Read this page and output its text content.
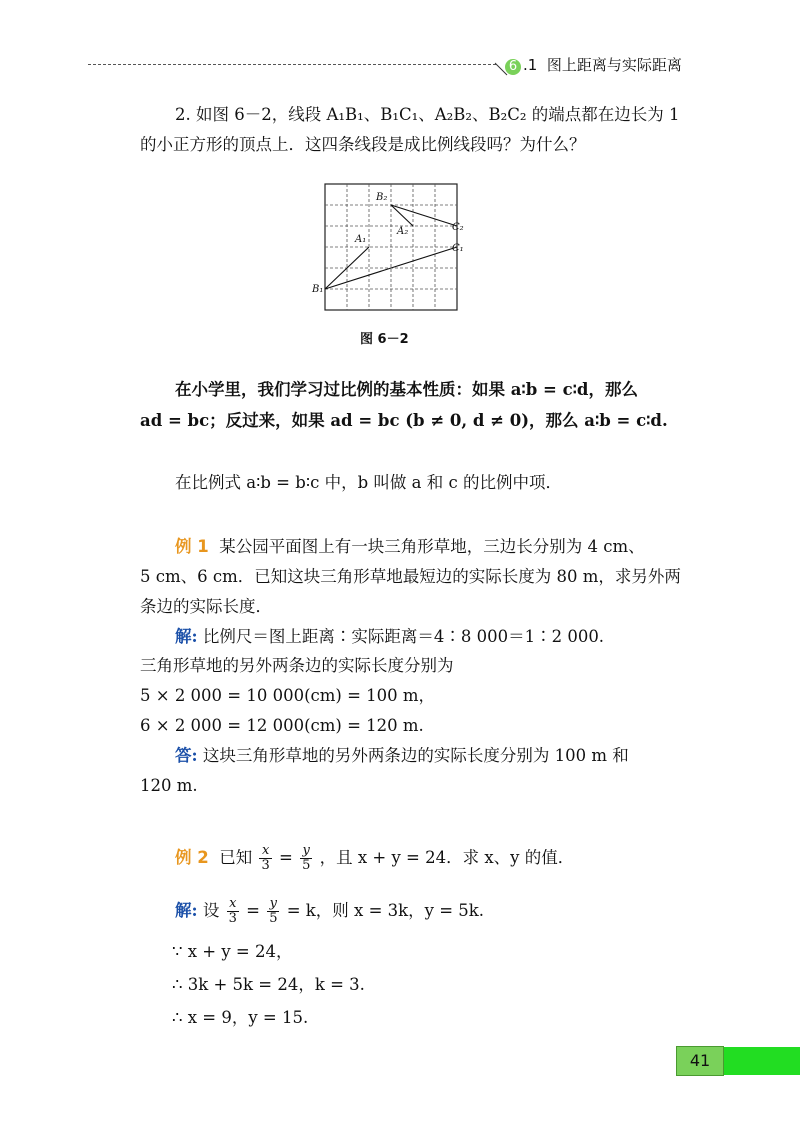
6 .1 图上距离与实际距离
2. 如图 6－2，线段 A₁B₁、B₁C₁、A₂B₂、B₂C₂ 的端点都在边长为 1
的小正方形的顶点上．这四条线段是成比例线段吗？为什么？
B₂
A₂	C₂
A₁
C₁
B₁
图 6－2
在小学里，我们学习过比例的基本性质：如果 a∶b = c∶d，那么
ad = bc；反过来，如果 ad = bc (b ≠ 0, d ≠ 0)，那么 a∶b = c∶d.
在比例式 a∶b = b∶c 中，b 叫做 a 和 c 的比例中项．
例 1 某公园平面图上有一块三角形草地，三边长分别为 4 cm、
5 cm、6 cm．已知这块三角形草地最短边的实际长度为 80 m，求另外两
条边的实际长度．
解: 比例尺＝图上距离∶实际距离＝4∶8 000＝1∶2 000.
三角形草地的另外两条边的实际长度分别为
5 × 2 000 = 10 000(cm) = 100 m，
6 × 2 000 = 12 000(cm) = 120 m.
答: 这块三角形草地的另外两条边的实际长度分别为 100 m 和
120 m.
例 2 已知 $\frac{x}{3} = \frac{y}{5}$ ，且 x + y = 24．求 x、y 的值．
解: 设 $\frac{x}{3} = \frac{y}{5} = k$，则 x = 3k，y = 5k.
∵ x + y = 24，
∴ 3k + 5k = 24，k = 3.
∴ x = 9，y = 15.
41
